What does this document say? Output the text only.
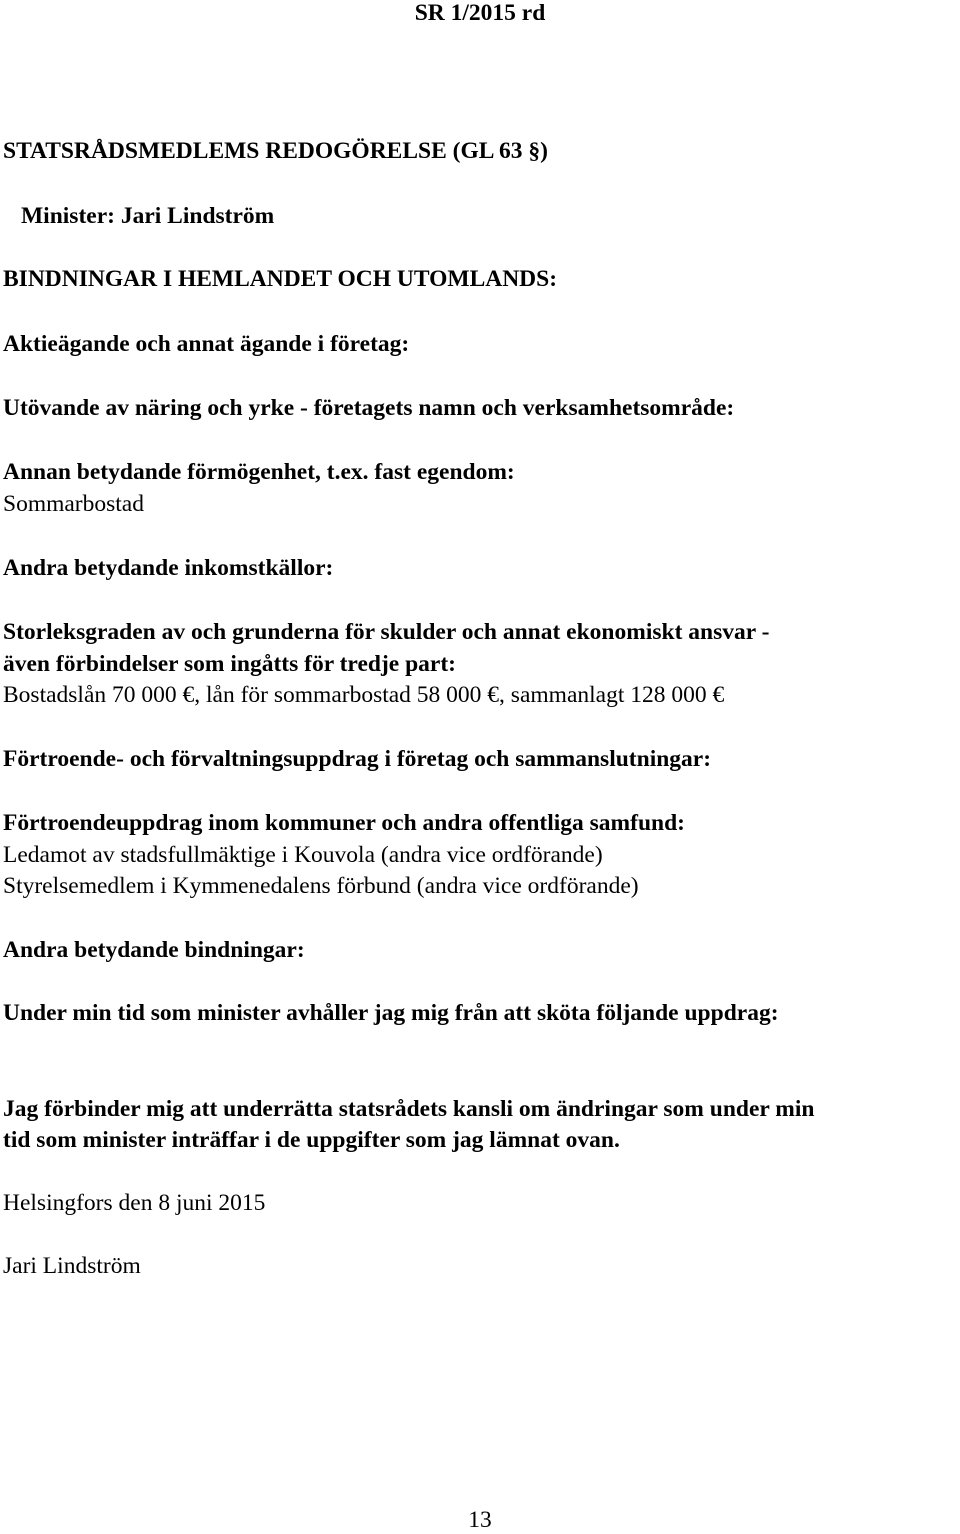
SR 1/2015 rd
STATSRÅDSMEDLEMS REDOGÖRELSE (GL 63 §)
Minister: Jari Lindström
BINDNINGAR I HEMLANDET OCH UTOMLANDS:
Aktieägande och annat ägande i företag:
Utövande av näring och yrke - företagets namn och verksamhetsområde:
Annan betydande förmögenhet, t.ex. fast egendom:
Sommarbostad
Andra betydande inkomstkällor:
Storleksgraden av och grunderna för skulder och annat ekonomiskt ansvar -
även förbindelser som ingåtts för tredje part:
Bostadslån 70 000 €, lån för sommarbostad 58 000 €, sammanlagt 128 000 €
Förtroende- och förvaltningsuppdrag i företag och sammanslutningar:
Förtroendeuppdrag inom kommuner och andra offentliga samfund:
Ledamot av stadsfullmäktige i Kouvola (andra vice ordförande)
Styrelsemedlem i Kymmenedalens förbund (andra vice ordförande)
Andra betydande bindningar:
Under min tid som minister avhåller jag mig från att sköta följande uppdrag:
Jag förbinder mig att underrätta statsrådets kansli om ändringar som under min
tid som minister inträffar i de uppgifter som jag lämnat ovan.
Helsingfors den 8 juni 2015
Jari Lindström
13
